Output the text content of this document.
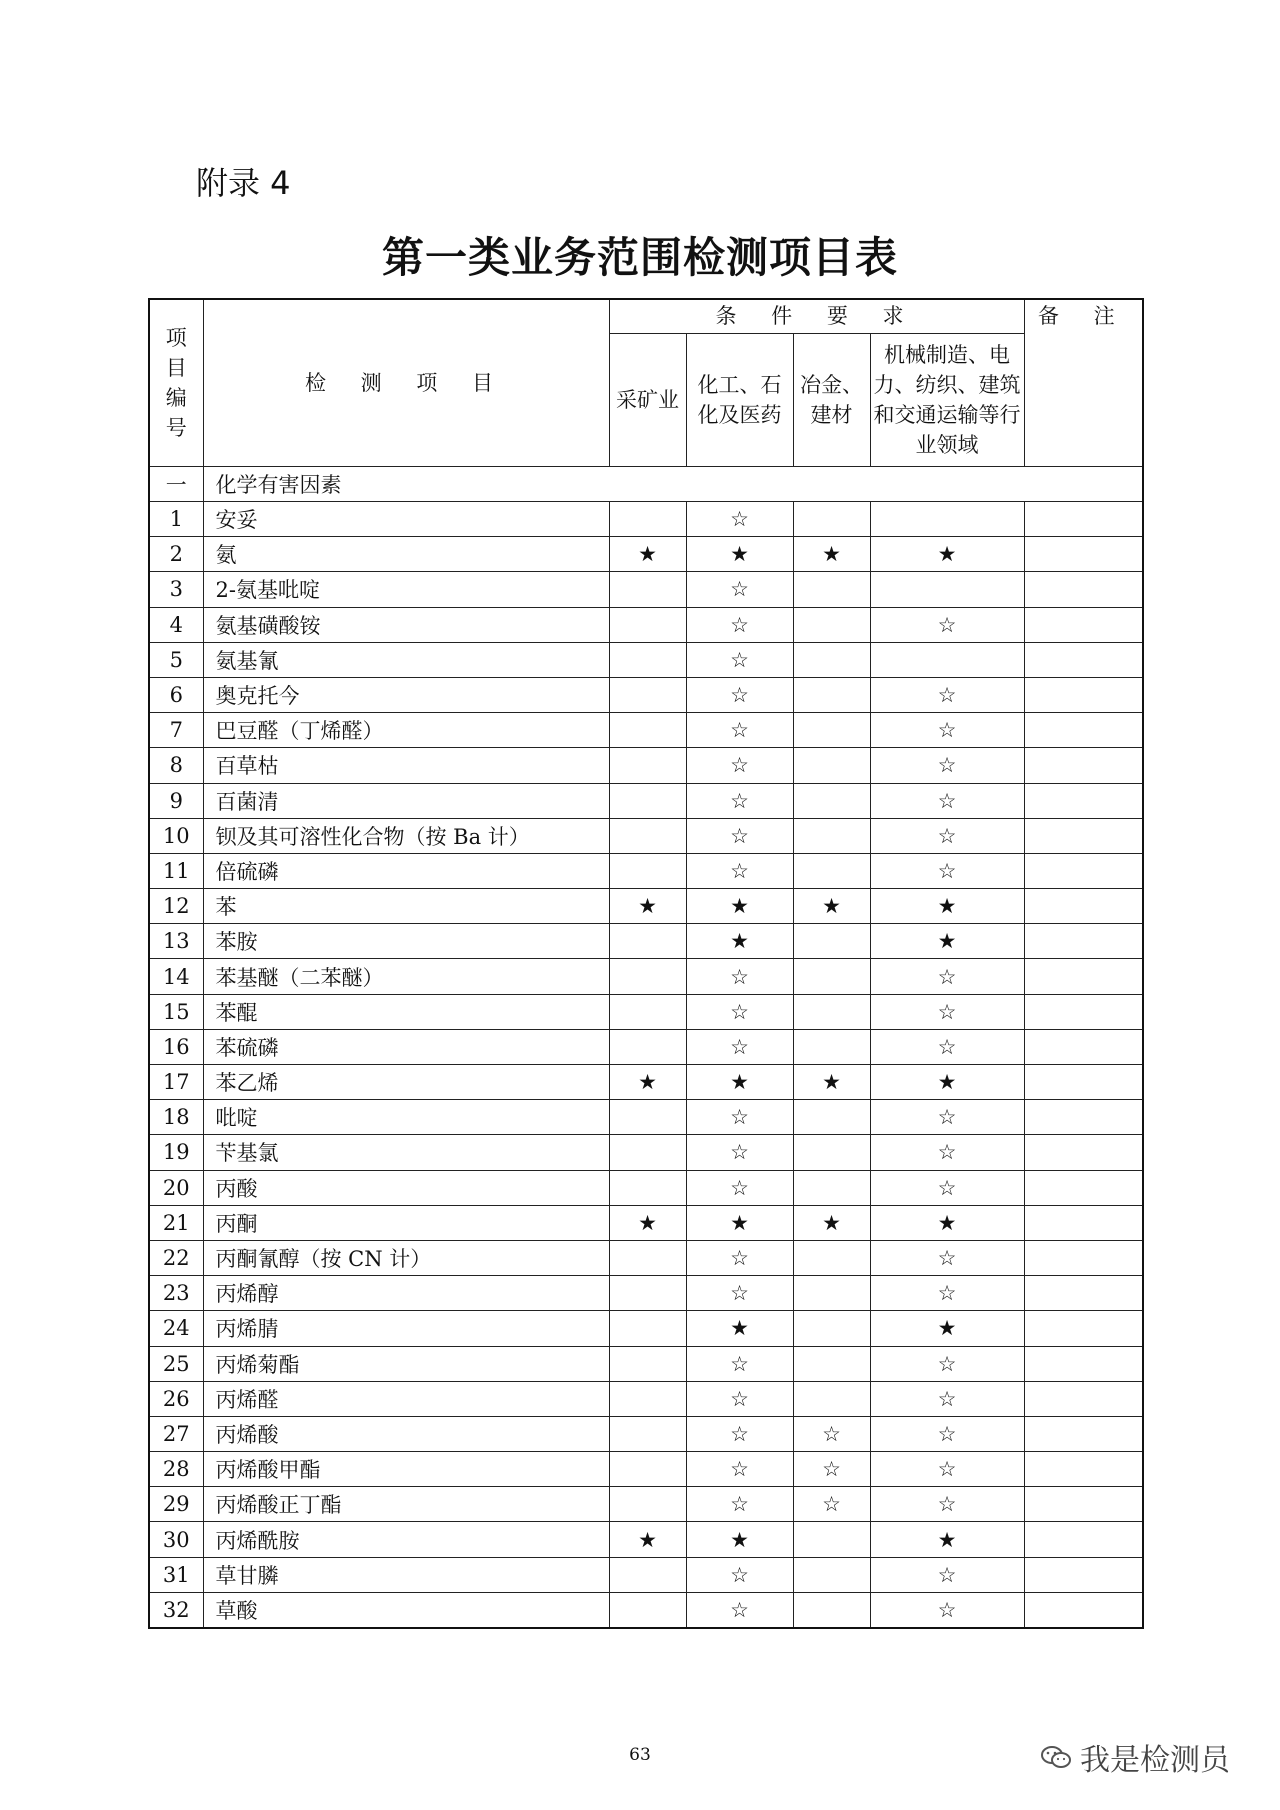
附录 4
第一类业务范围检测项目表
项目编号	检 测 项 目	条 件 要 求				备 注
		采矿业	化工、石化及医药	冶金、建材	机械制造、电力、纺织、建筑和交通运输等行业领域	
一	化学有害因素					
1	安妥		☆			
2	氨	★	★	★	★	
3	2-氨基吡啶		☆			
4	氨基磺酸铵		☆		☆	
5	氨基氰		☆			
6	奥克托今		☆		☆	
7	巴豆醛（丁烯醛）		☆		☆	
8	百草枯		☆		☆	
9	百菌清		☆		☆	
10	钡及其可溶性化合物（按 Ba 计）		☆		☆	
11	倍硫磷		☆		☆	
12	苯	★	★	★	★	
13	苯胺		★		★	
14	苯基醚（二苯醚）		☆		☆	
15	苯醌		☆		☆	
16	苯硫磷		☆		☆	
17	苯乙烯	★	★	★	★	
18	吡啶		☆		☆	
19	苄基氯		☆		☆	
20	丙酸		☆		☆	
21	丙酮	★	★	★	★	
22	丙酮氰醇（按 CN 计）		☆		☆	
23	丙烯醇		☆		☆	
24	丙烯腈		★		★	
25	丙烯菊酯		☆		☆	
26	丙烯醛		☆		☆	
27	丙烯酸		☆	☆	☆	
28	丙烯酸甲酯		☆	☆	☆	
29	丙烯酸正丁酯		☆	☆	☆	
30	丙烯酰胺	★	★		★	
31	草甘膦		☆		☆	
32	草酸		☆		☆	
63	我是检测员
